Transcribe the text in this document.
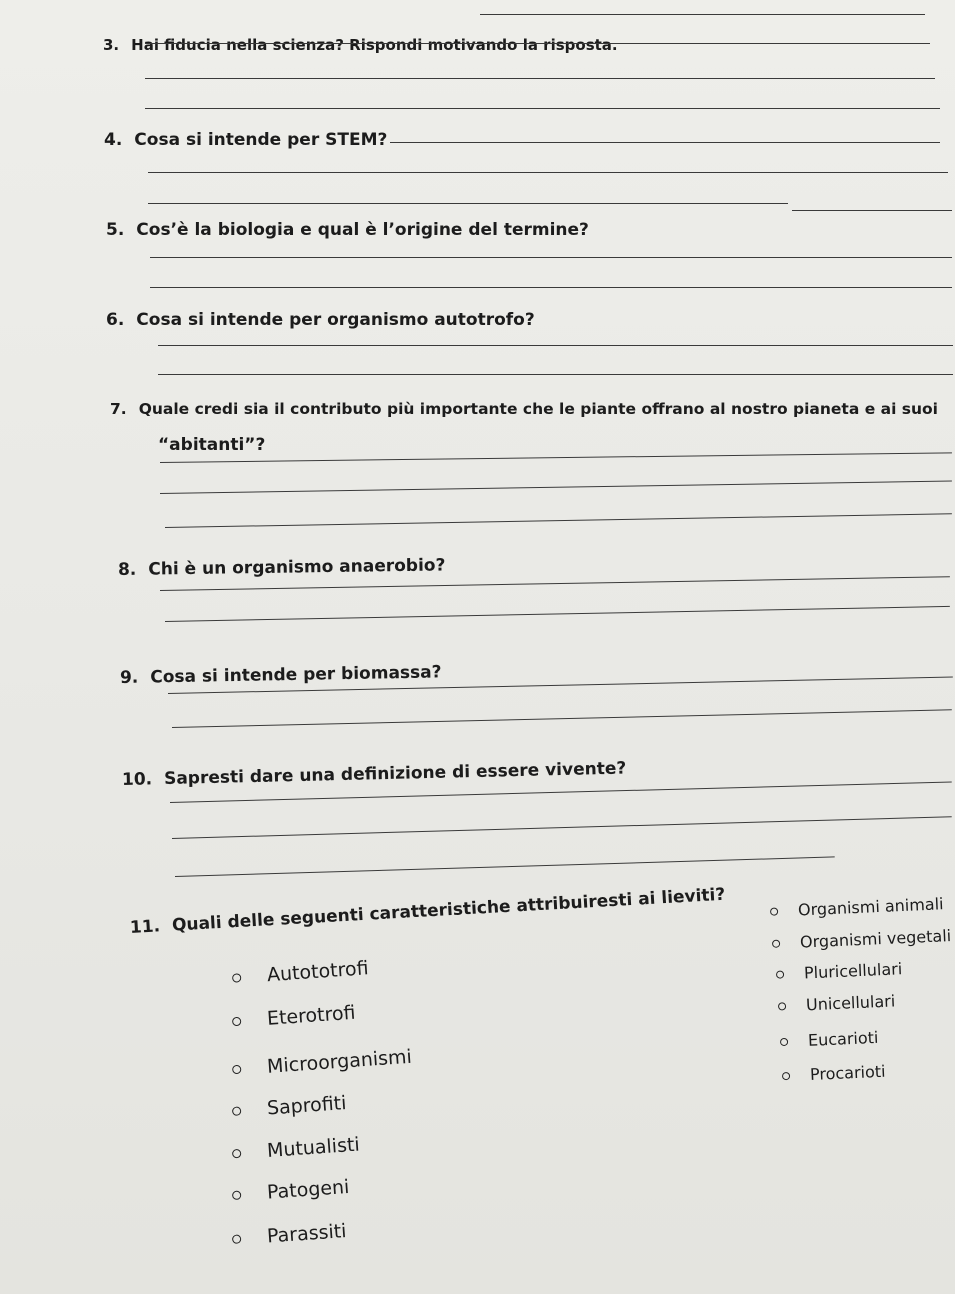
3. Hai fiducia nella scienza? Rispondi motivando la risposta.
4. Cosa si intende per STEM?
5. Cos’è la biologia e qual è l’origine del termine?
6. Cosa si intende per organismo autotrofo?
7. Quale credi sia il contributo più importante che le piante offrano al nostro pianeta e ai suoi
“abitanti”?
8. Chi è un organismo anaerobio?
9. Cosa si intende per biomassa?
10. Sapresti dare una definizione di essere vivente?
11. Quali delle seguenti caratteristiche attribuiresti ai lieviti?
Autototrofi
Eterotrofi
Microorganismi
Saprofiti
Mutualisti
Patogeni
Parassiti
Organismi animali
Organismi vegetali
Pluricellulari
Unicellulari
Eucarioti
Procarioti
